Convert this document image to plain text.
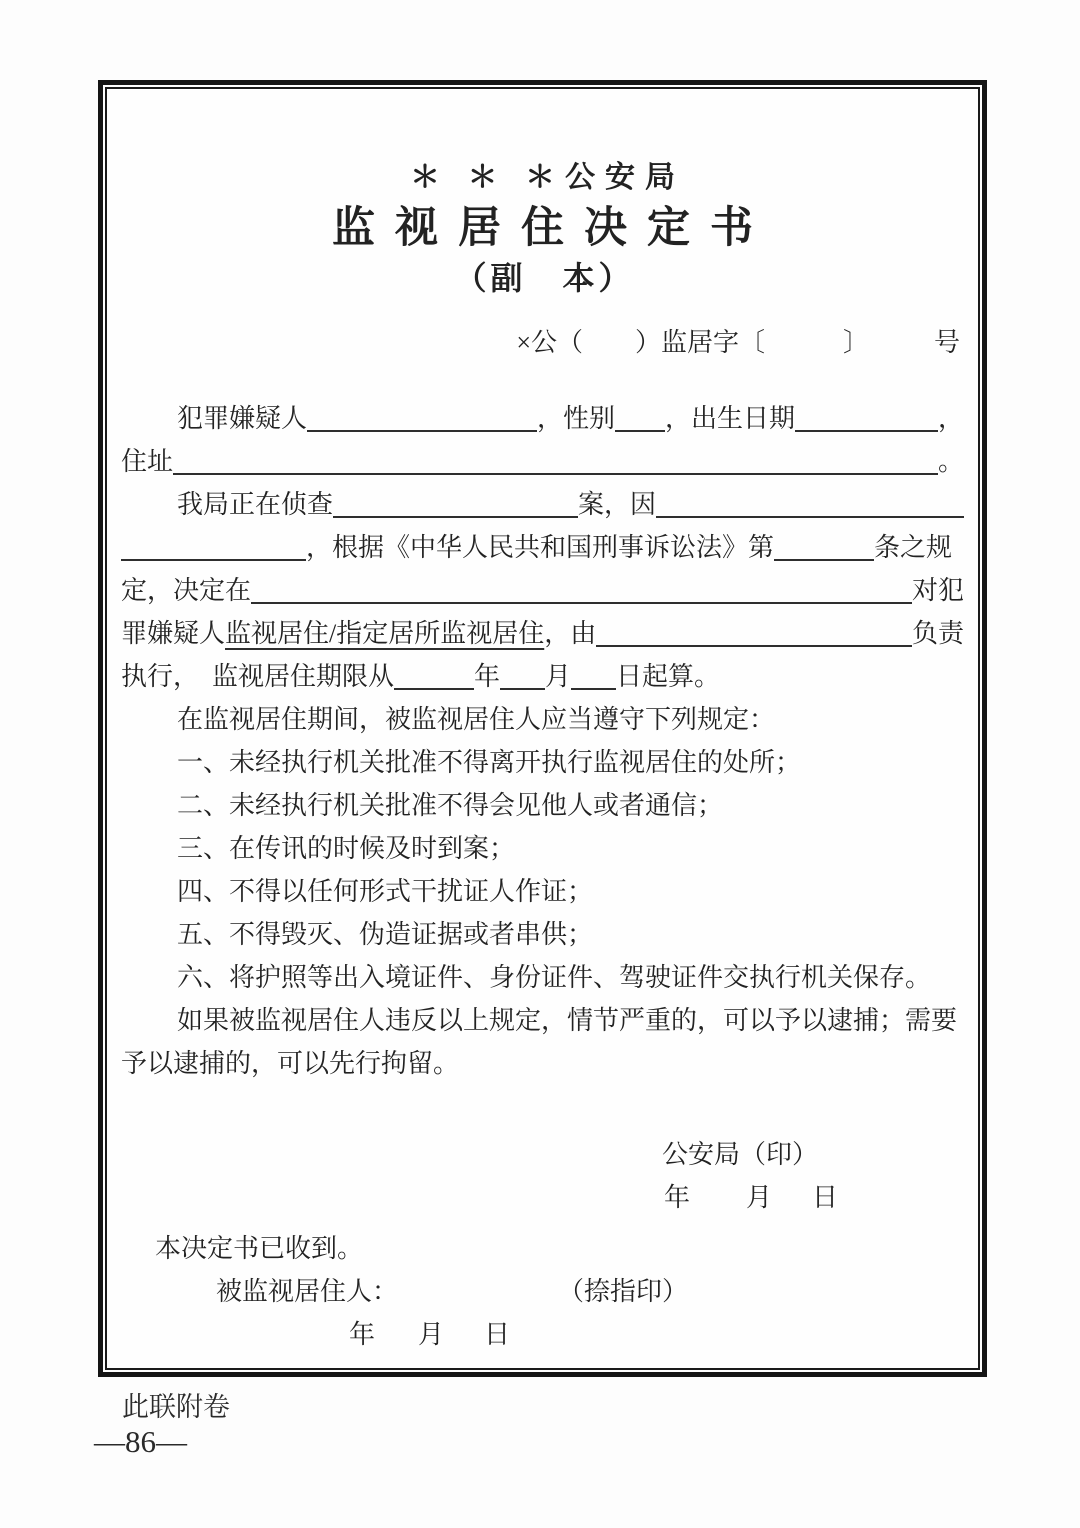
＊ ＊ ＊公安局
监视居住决定书
（副　本）
×公（　　）监居字〔　　　〕　　　号
犯罪嫌疑人	，性别 ，出生日期	，
住址	。
我局正在侦查	案，因
，根据《中华人民共和国刑事诉讼法》第	条之规
定，决定在	对犯
罪嫌疑人 监视居住/指定居所监视居住 ，由	负责
执行，  监视居住期限从	年 月 日起算。
在监视居住期间，被监视居住人应当遵守下列规定：
一、未经执行机关批准不得离开执行监视居住的处所；
二、未经执行机关批准不得会见他人或者通信；
三、在传讯的时候及时到案；
四、不得以任何形式干扰证人作证；
五、不得毁灭、伪造证据或者串供；
六、将护照等出入境证件、身份证件、驾驶证件交执行机关保存。
如果被监视居住人违反以上规定，情节严重的，可以予以逮捕；需要
予以逮捕的，可以先行拘留。
公安局（印）
年 月 日
本决定书已收到。
被监视居住人：	（捺指印）
年 月 日
此联附卷
—86—
